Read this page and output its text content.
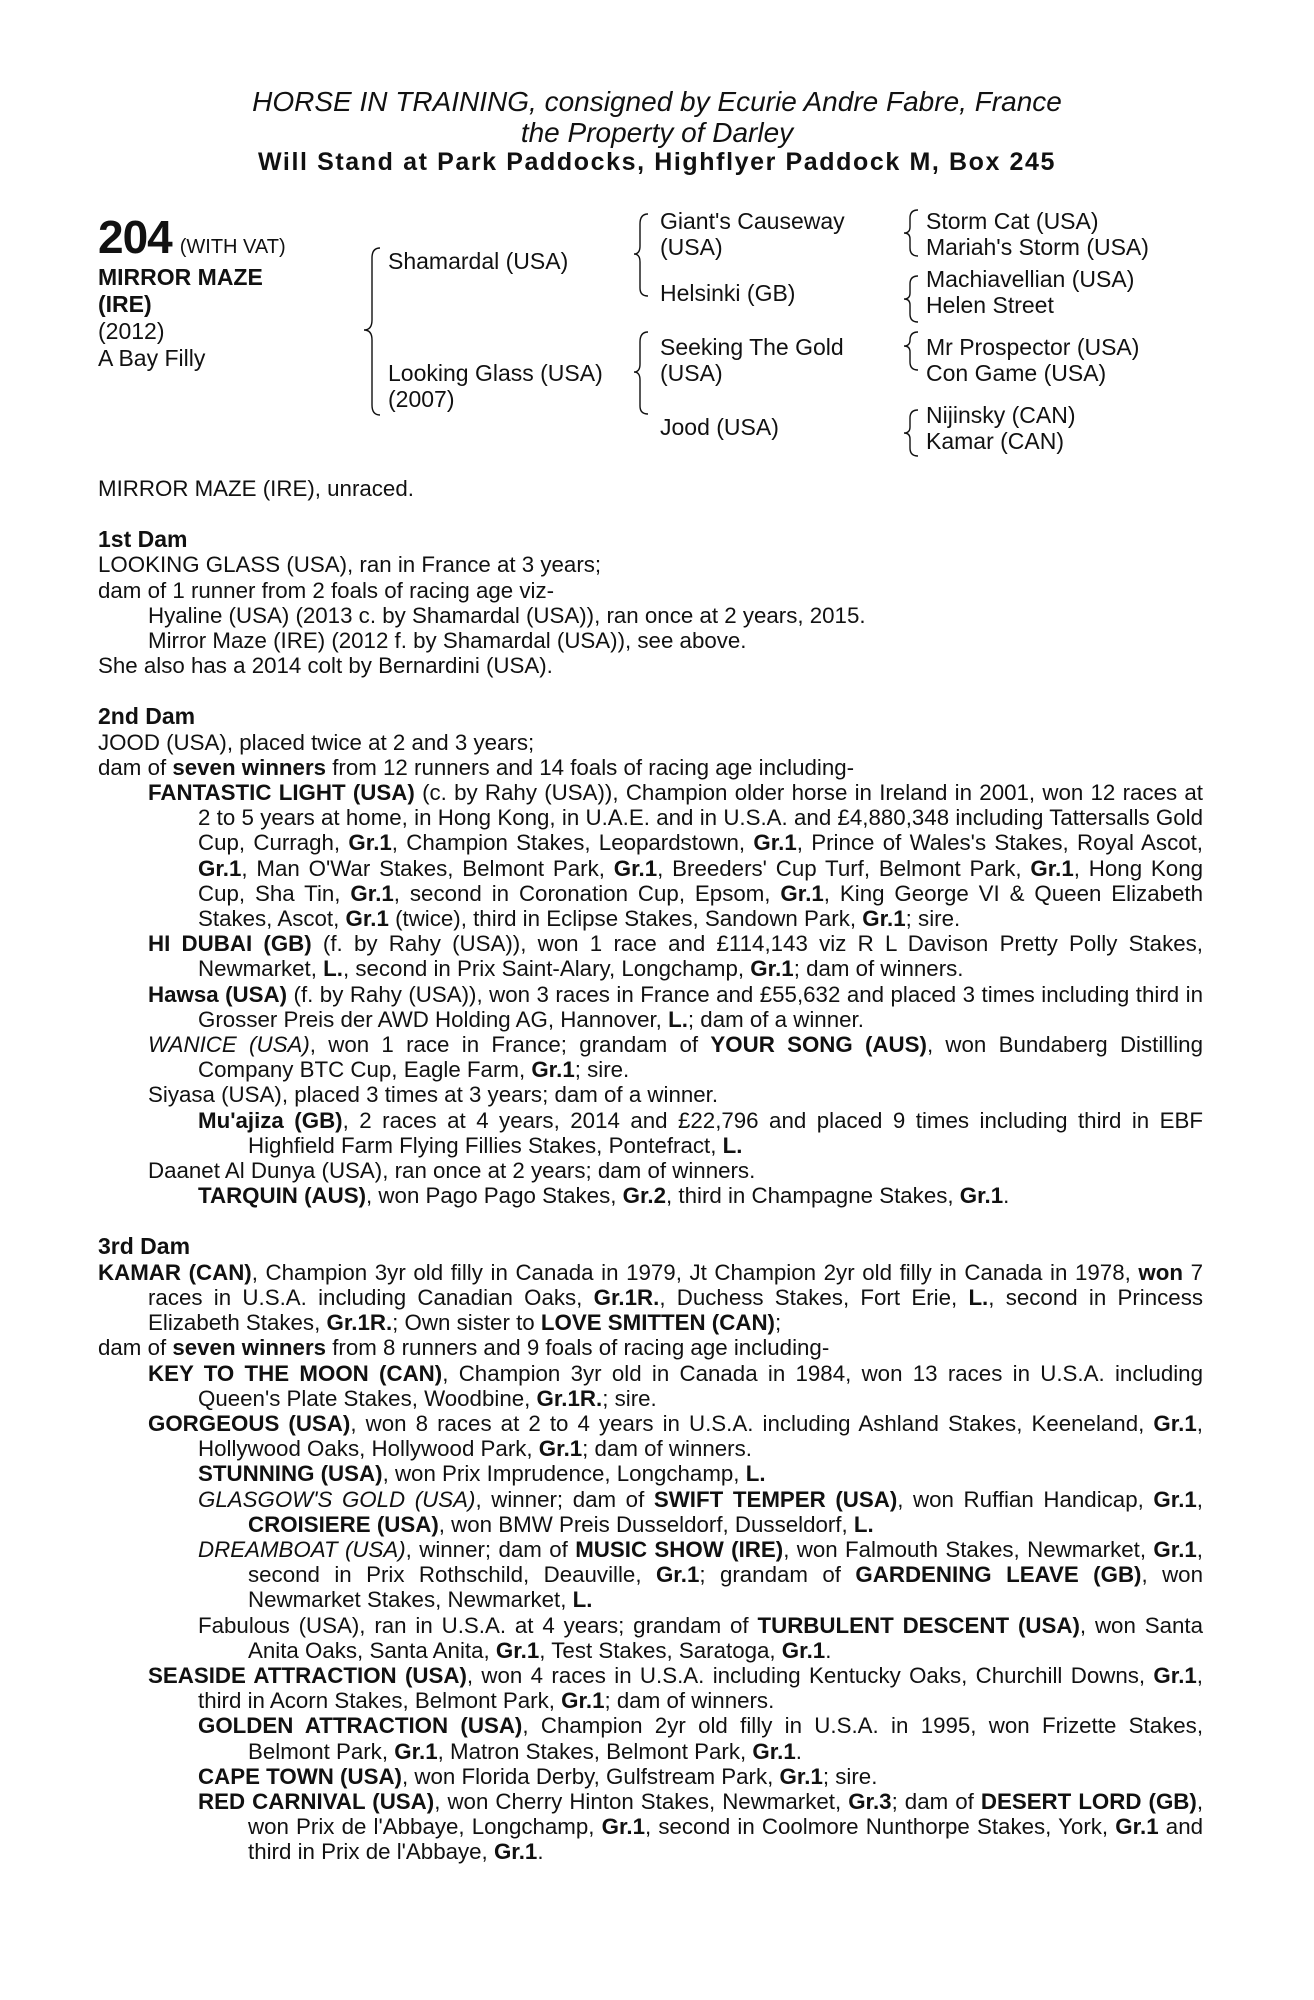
HORSE IN TRAINING, consigned by Ecurie Andre Fabre, France
the Property of Darley
Will Stand at Park Paddocks, Highflyer Paddock M, Box 245
204 (WITH VAT)
MIRROR MAZE
(IRE)
(2012)
A Bay Filly
Shamardal (USA)
Looking Glass (USA)
(2007)
Giant's Causeway
(USA)
Helsinki (GB)
Seeking The Gold
(USA)
Jood (USA)
Storm Cat (USA)
Mariah's Storm (USA)
Machiavellian (USA)
Helen Street
Mr Prospector (USA)
Con Game (USA)
Nijinsky (CAN)
Kamar (CAN)

MIRROR MAZE (IRE), unraced.

1st Dam

LOOKING GLASS (USA), ran in France at 3 years;

dam of 1 runner from 2 foals of racing age viz-

Hyaline (USA) (2013 c. by Shamardal (USA)), ran once at 2 years, 2015.

Mirror Maze (IRE) (2012 f. by Shamardal (USA)), see above.

She also has a 2014 colt by Bernardini (USA).

2nd Dam

JOOD (USA), placed twice at 2 and 3 years;

dam of seven winners from 12 runners and 14 foals of racing age including-

FANTASTIC LIGHT (USA) (c. by Rahy (USA)), Champion older horse in Ireland in 2001, won 12 races at 2 to 5 years at home, in Hong Kong, in U.A.E. and in U.S.A. and £4,880,348 including Tattersalls Gold Cup, Curragh, Gr.1, Champion Stakes, Leopardstown, Gr.1, Prince of Wales's Stakes, Royal Ascot, Gr.1, Man O'War Stakes, Belmont Park, Gr.1, Breeders' Cup Turf, Belmont Park, Gr.1, Hong Kong Cup, Sha Tin, Gr.1, second in Coronation Cup, Epsom, Gr.1, King George VI & Queen Elizabeth Stakes, Ascot, Gr.1 (twice), third in Eclipse Stakes, Sandown Park, Gr.1; sire.

HI DUBAI (GB) (f. by Rahy (USA)), won 1 race and £114,143 viz R L Davison Pretty Polly Stakes, Newmarket, L., second in Prix Saint-Alary, Longchamp, Gr.1; dam of winners.

Hawsa (USA) (f. by Rahy (USA)), won 3 races in France and £55,632 and placed 3 times including third in Grosser Preis der AWD Holding AG, Hannover, L.; dam of a winner.

WANICE (USA), won 1 race in France; grandam of YOUR SONG (AUS), won Bundaberg Distilling Company BTC Cup, Eagle Farm, Gr.1; sire.

Siyasa (USA), placed 3 times at 3 years; dam of a winner.

Mu'ajiza (GB), 2 races at 4 years, 2014 and £22,796 and placed 9 times including third in EBF Highfield Farm Flying Fillies Stakes, Pontefract, L.

Daanet Al Dunya (USA), ran once at 2 years; dam of winners.

TARQUIN (AUS), won Pago Pago Stakes, Gr.2, third in Champagne Stakes, Gr.1.

3rd Dam

KAMAR (CAN), Champion 3yr old filly in Canada in 1979, Jt Champion 2yr old filly in Canada in 1978, won 7 races in U.S.A. including Canadian Oaks, Gr.1R., Duchess Stakes, Fort Erie, L., second in Princess Elizabeth Stakes, Gr.1R.; Own sister to LOVE SMITTEN (CAN);

dam of seven winners from 8 runners and 9 foals of racing age including-

KEY TO THE MOON (CAN), Champion 3yr old in Canada in 1984, won 13 races in U.S.A. including Queen's Plate Stakes, Woodbine, Gr.1R.; sire.

GORGEOUS (USA), won 8 races at 2 to 4 years in U.S.A. including Ashland Stakes, Keeneland, Gr.1, Hollywood Oaks, Hollywood Park, Gr.1; dam of winners.

STUNNING (USA), won Prix Imprudence, Longchamp, L.

GLASGOW'S GOLD (USA), winner; dam of SWIFT TEMPER (USA), won Ruffian Handicap, Gr.1, CROISIERE (USA), won BMW Preis Dusseldorf, Dusseldorf, L.

DREAMBOAT (USA), winner; dam of MUSIC SHOW (IRE), won Falmouth Stakes, Newmarket, Gr.1, second in Prix Rothschild, Deauville, Gr.1; grandam of GARDENING LEAVE (GB), won Newmarket Stakes, Newmarket, L.

Fabulous (USA), ran in U.S.A. at 4 years; grandam of TURBULENT DESCENT (USA), won Santa Anita Oaks, Santa Anita, Gr.1, Test Stakes, Saratoga, Gr.1.

SEASIDE ATTRACTION (USA), won 4 races in U.S.A. including Kentucky Oaks, Churchill Downs, Gr.1, third in Acorn Stakes, Belmont Park, Gr.1; dam of winners.

GOLDEN ATTRACTION (USA), Champion 2yr old filly in U.S.A. in 1995, won Frizette Stakes, Belmont Park, Gr.1, Matron Stakes, Belmont Park, Gr.1.

CAPE TOWN (USA), won Florida Derby, Gulfstream Park, Gr.1; sire.

RED CARNIVAL (USA), won Cherry Hinton Stakes, Newmarket, Gr.3; dam of DESERT LORD (GB), won Prix de l'Abbaye, Longchamp, Gr.1, second in Coolmore Nunthorpe Stakes, York, Gr.1 and third in Prix de l'Abbaye, Gr.1.
